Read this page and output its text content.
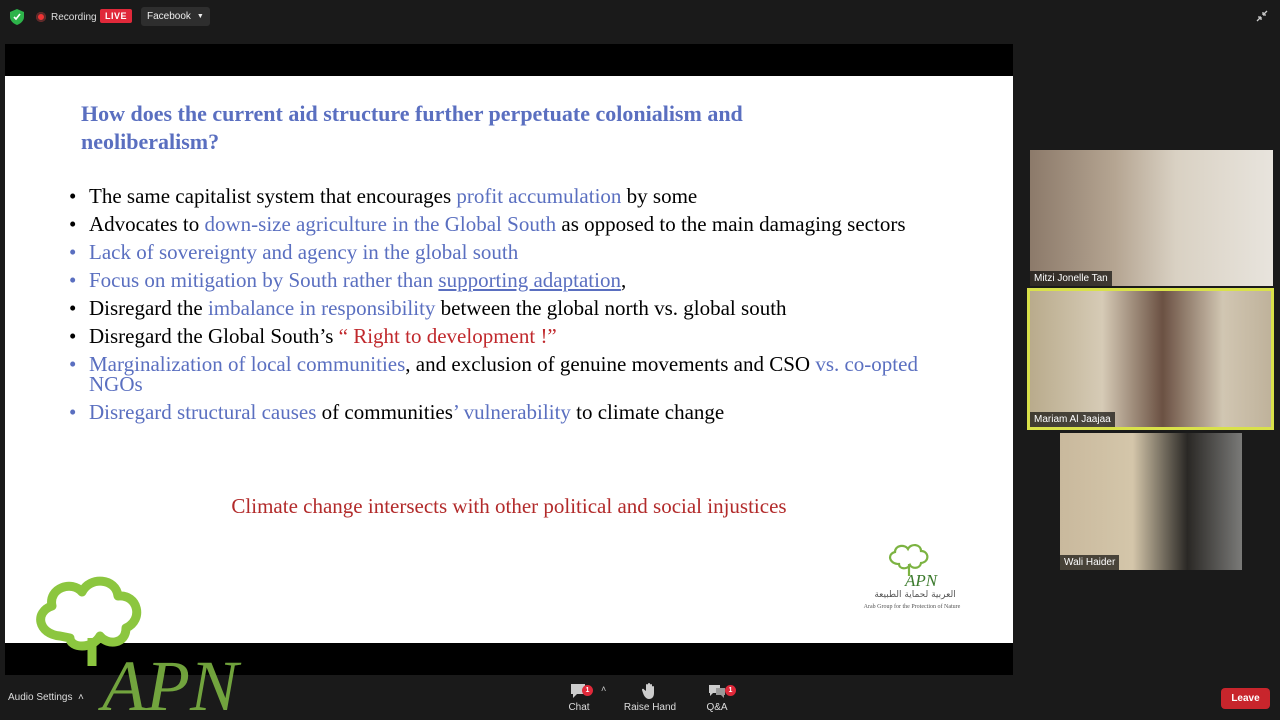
Recording LIVE	Facebook ▼
How does the current aid structure further perpetuate colonialism and neoliberalism?
• The same capitalist system that encourages profit accumulation by some
• Advocates to down-size agriculture in the Global South as opposed to the main damaging sectors
• Lack of sovereignty and agency in the global south
• Focus on mitigation by South rather than supporting adaptation,
• Disregard the imbalance in responsibility between the global north vs. global south
• Disregard the Global South’s “ Right to development !”
• Marginalization of local communities, and exclusion of genuine movements and CSO vs. co-opted NGOs
• Disregard structural causes of communities’ vulnerability to climate change
Climate change intersects with other political and social injustices
APN
العربية لحماية الطبيعة
Arab Group for the Protection of Nature
APN
Mitzi Jonelle Tan
Mariam Al Jaajaa
Wali Haider
Audio Settings  ˄
Chat
1	˄
Raise Hand	Q&A
1
Leave
